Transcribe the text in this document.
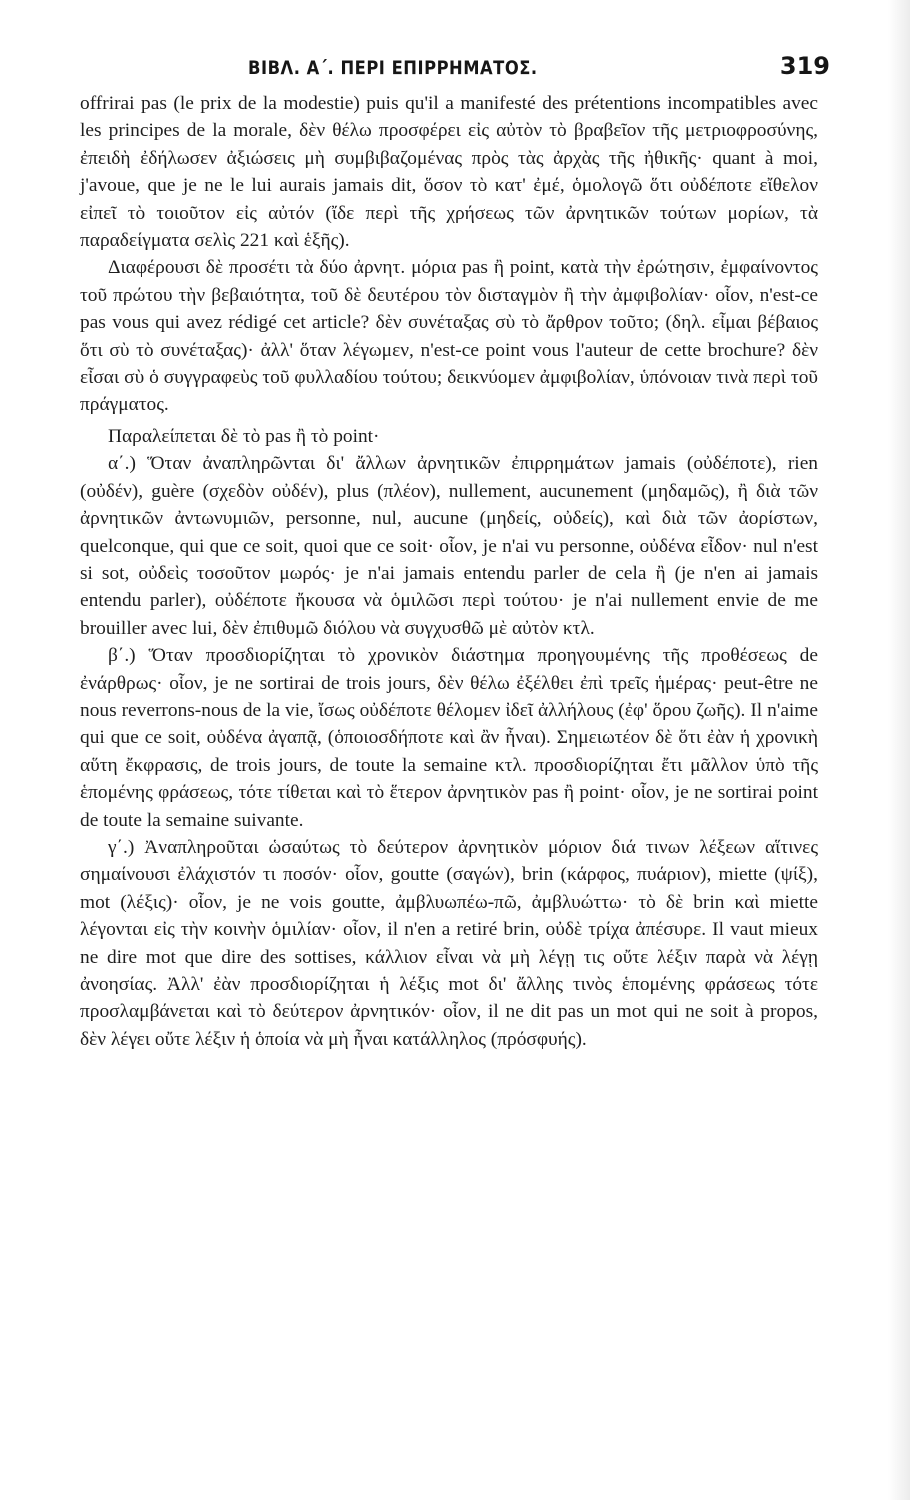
BIBΛ. Α΄. ΠΕΡΙ ΕΠΙΡΡΗΜΑΤΟΣ.	319

offrirai pas (le prix de la modestie) puis qu'il a manifesté des prétentions incompatibles avec les principes de la morale, δὲν θέλω προσφέρει εἰς αὐτὸν τὸ βραβεῖον τῆς μετριοφροσύνης, ἐπειδὴ ἐδήλωσεν ἀξιώσεις μὴ συμβιβαζομένας πρὸς τὰς ἀρχὰς τῆς ἠθικῆς· quant à moi, j'avoue, que je ne le lui aurais jamais dit, ὅσον τὸ κατ' ἐμέ, ὁμολογῶ ὅτι οὐδέποτε εἴθελον εἰπεῖ τὸ τοιοῦτον εἰς αὐτόν (ἴδε περὶ τῆς χρήσεως τῶν ἀρνητικῶν τούτων μορίων, τὰ παραδείγματα σελὶς 221 καὶ ἑξῆς).

Διαφέρουσι δὲ προσέτι τὰ δύο ἀρνητ. μόρια pas ἢ point, κατὰ τὴν ἐρώτησιν, ἐμφαίνοντος τοῦ πρώτου τὴν βεβαιότητα, τοῦ δὲ δευτέρου τὸν δισταγμὸν ἢ τὴν ἀμφιβολίαν· οἷον, n'est-ce pas vous qui avez rédigé cet article? δὲν συνέταξας σὺ τὸ ἄρθρον τοῦτο; (δηλ. εἶμαι βέβαιος ὅτι σὺ τὸ συνέταξας)· ἀλλ' ὅταν λέγωμεν, n'est-ce point vous l'auteur de cette brochure? δὲν εἶσαι σὺ ὁ συγγραφεὺς τοῦ φυλλαδίου τούτου; δεικνύομεν ἀμφιβολίαν, ὑπόνοιαν τινὰ περὶ τοῦ πράγματος.

Παραλείπεται δὲ τὸ pas ἢ τὸ point·

α΄.) Ὅταν ἀναπληρῶνται δι' ἄλλων ἀρνητικῶν ἐπιρρημάτων jamais (οὐδέποτε), rien (οὐδέν), guère (σχεδὸν οὐδέν), plus (πλέον), nullement, aucunement (μηδαμῶς), ἢ διὰ τῶν ἀρνητικῶν ἀντωνυμιῶν, personne, nul, aucune (μηδείς, οὐδείς), καὶ διὰ τῶν ἀορίστων, quelconque, qui que ce soit, quoi que ce soit· οἷον, je n'ai vu personne, οὐδένα εἶδον· nul n'est si sot, οὐδεὶς τοσοῦτον μωρός· je n'ai jamais entendu parler de cela ἢ (je n'en ai jamais entendu parler), οὐδέποτε ἤκουσα νὰ ὁμιλῶσι περὶ τούτου· je n'ai nullement envie de me brouiller avec lui, δὲν ἐπιθυμῶ διόλου νὰ συγχυσθῶ μὲ αὐτὸν κτλ.

β΄.) Ὅταν προσδιορίζηται τὸ χρονικὸν διάστημα προηγουμένης τῆς προθέσεως de ἐνάρθρως· οἷον, je ne sortirai de trois jours, δὲν θέλω ἐξέλθει ἐπὶ τρεῖς ἡμέρας· peut-être ne nous reverrons-nous de la vie, ἴσως οὐδέποτε θέλομεν ἰδεῖ ἀλλήλους (ἐφ' ὅρου ζωῆς). Il n'aime qui que ce soit, οὐδένα ἀγαπᾷ, (ὁποιοσδήποτε καὶ ἂν ἦναι). Σημειωτέον δὲ ὅτι ἐὰν ἡ χρονικὴ αὕτη ἔκφρασις, de trois jours, de toute la semaine κτλ. προσδιορίζηται ἔτι μᾶλλον ὑπὸ τῆς ἑπομένης φράσεως, τότε τίθεται καὶ τὸ ἕτερον ἀρνητικὸν pas ἢ point· οἷον, je ne sortirai point de toute la semaine suivante.

γ΄.) Ἀναπληροῦται ὡσαύτως τὸ δεύτερον ἀρνητικὸν μόριον διά τινων λέξεων αἵτινες σημαίνουσι ἐλάχιστόν τι ποσόν· οἷον, goutte (σαγών), brin (κάρφος, πυάριον), miette (ψίξ), mot (λέξις)· οἷον, je ne vois goutte, ἀμβλυωπέω-πῶ, ἀμβλυώττω· τὸ δὲ brin καὶ miette λέγονται εἰς τὴν κοινὴν ὁμιλίαν· οἷον, il n'en a retiré brin, οὐδὲ τρίχα ἀπέσυρε. Il vaut mieux ne dire mot que dire des sottises, κάλλιον εἶναι νὰ μὴ λέγῃ τις οὔτε λέξιν παρὰ νὰ λέγῃ ἀνοησίας. Ἀλλ' ἐὰν προσδιορίζηται ἡ λέξις mot δι' ἄλλης τινὸς ἑπομένης φράσεως τότε προσλαμβάνεται καὶ τὸ δεύτερον ἀρνητικόν· οἷον, il ne dit pas un mot qui ne soit à propos, δὲν λέγει οὔτε λέξιν ἡ ὁποία νὰ μὴ ἦναι κατάλληλος (πρόσφυής).
